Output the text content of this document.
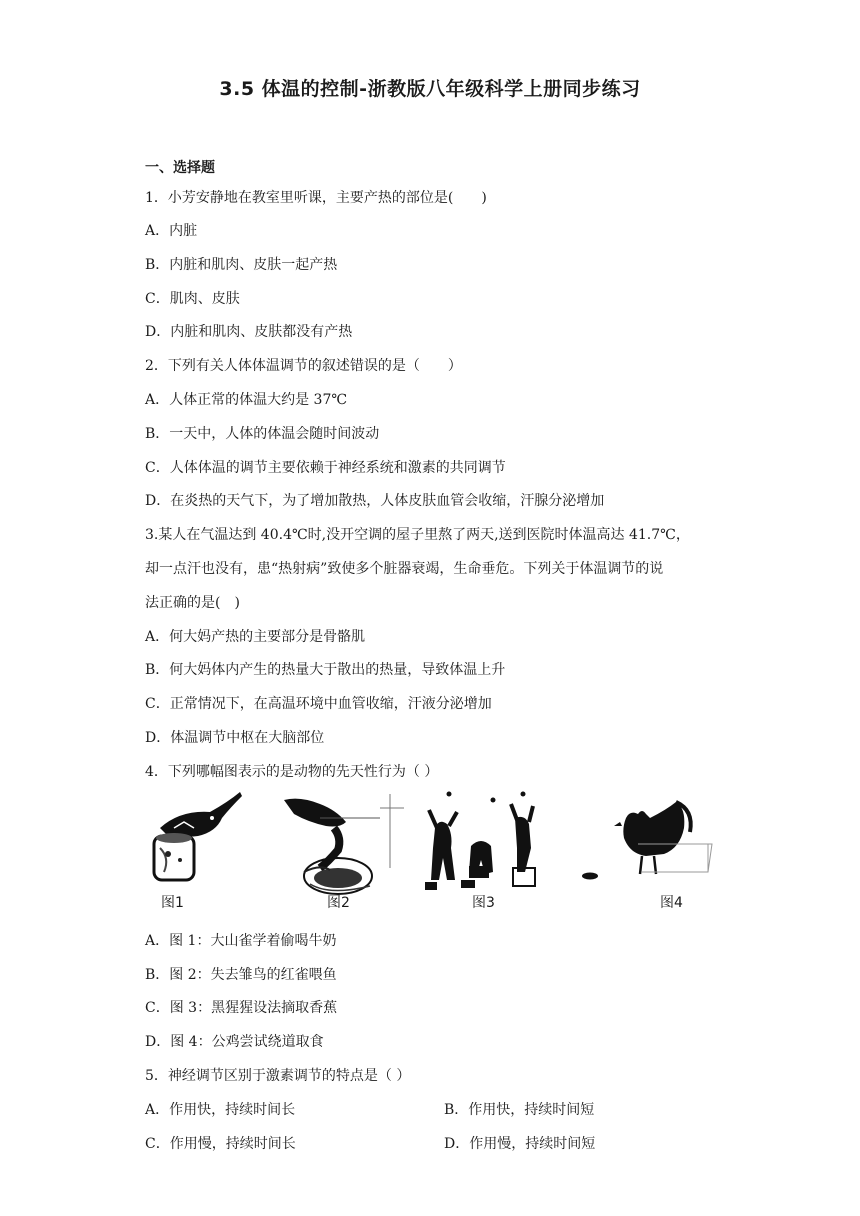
3.5 体温的控制-浙教版八年级科学上册同步练习
一、选择题
1．小芳安静地在教室里听课，主要产热的部位是(　　)
A．内脏
B．内脏和肌肉、皮肤一起产热
C．肌肉、皮肤
D．内脏和肌肉、皮肤都没有产热
2．下列有关人体体温调节的叙述错误的是（　　）
A．人体正常的体温大约是 37℃
B．一天中，人体的体温会随时间波动
C．人体体温的调节主要依赖于神经系统和激素的共同调节
D．在炎热的天气下，为了增加散热，人体皮肤血管会收缩，汗腺分泌增加
3.某人在气温达到 40.4℃时,没开空调的屋子里熬了两天,送到医院时体温高达 41.7℃，
却一点汗也没有，患“热射病”致使多个脏器衰竭，生命垂危。下列关于体温调节的说
法正确的是(　)
A．何大妈产热的主要部分是骨骼肌
B．何大妈体内产生的热量大于散出的热量，导致体温上升
C．正常情况下，在高温环境中血管收缩，汗液分泌增加
D．体温调节中枢在大脑部位
4．下列哪幅图表示的是动物的先天性行为（ ）
图1	图2	图3	图4
A．图 1：大山雀学着偷喝牛奶
B．图 2：失去雏鸟的红雀喂鱼
C．图 3：黑猩猩设法摘取香蕉
D．图 4：公鸡尝试绕道取食
5．神经调节区别于激素调节的特点是（ ）
A．作用快，持续时间长	B．作用快，持续时间短
C．作用慢，持续时间长	D．作用慢，持续时间短
